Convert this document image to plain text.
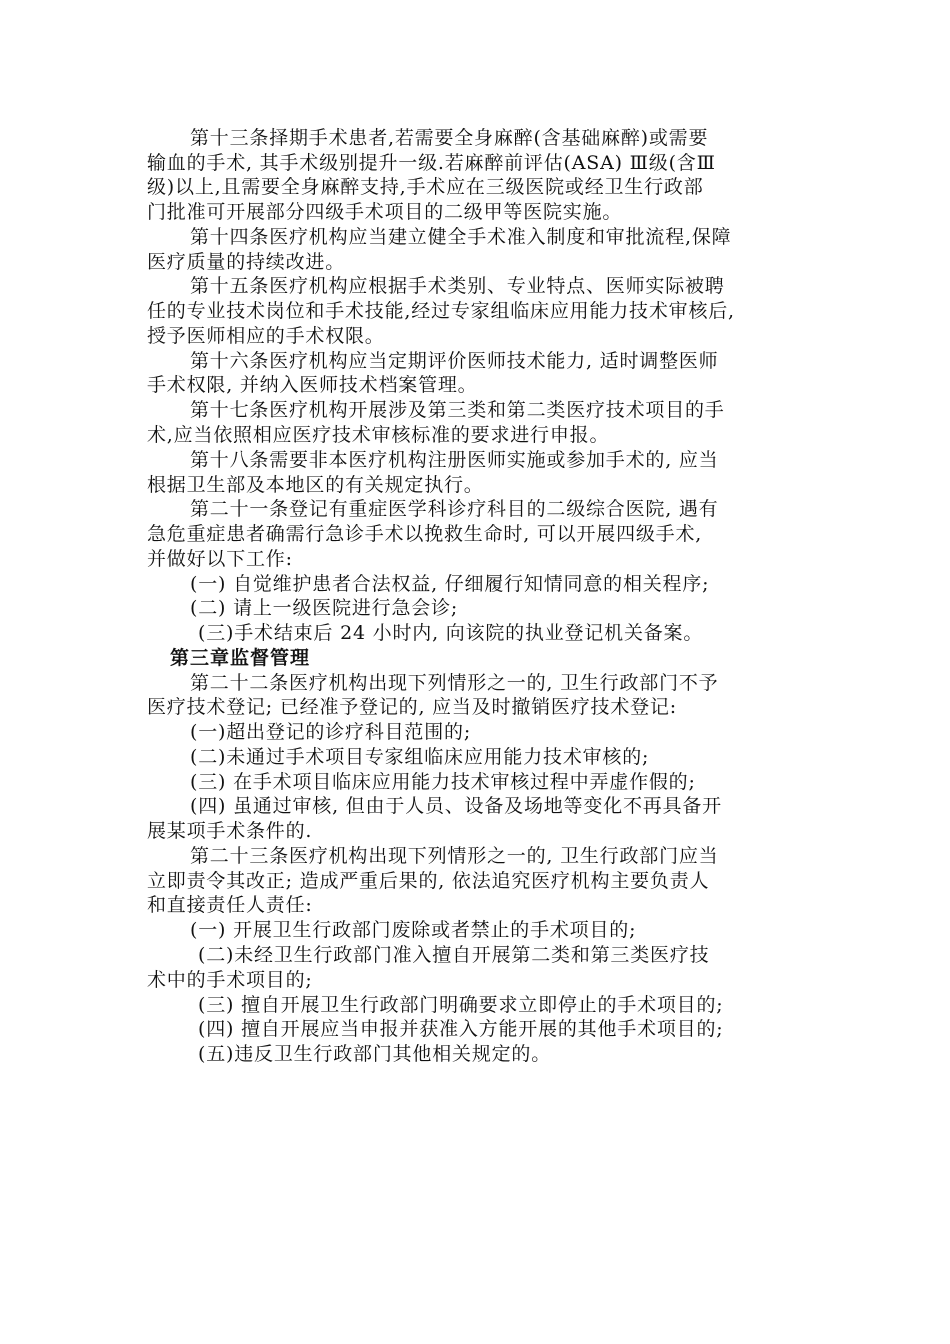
第十三条择期手术患者,若需要全身麻醉(含基础麻醉)或需要
输血的手术, 其手术级别提升一级.若麻醉前评估(ASA) Ⅲ级(含Ⅲ
级)以上,且需要全身麻醉支持,手术应在三级医院或经卫生行政部
门批准可开展部分四级手术项目的二级甲等医院实施。
第十四条医疗机构应当建立健全手术准入制度和审批流程,保障
医疗质量的持续改进。
第十五条医疗机构应根据手术类别、专业特点、医师实际被聘
任的专业技术岗位和手术技能,经过专家组临床应用能力技术审核后,
授予医师相应的手术权限。
第十六条医疗机构应当定期评价医师技术能力, 适时调整医师
手术权限, 并纳入医师技术档案管理。
第十七条医疗机构开展涉及第三类和第二类医疗技术项目的手
术,应当依照相应医疗技术审核标准的要求进行申报。
第十八条需要非本医疗机构注册医师实施或参加手术的, 应当
根据卫生部及本地区的有关规定执行。
第二十一条登记有重症医学科诊疗科目的二级综合医院, 遇有
急危重症患者确需行急诊手术以挽救生命时, 可以开展四级手术,
并做好以下工作:
(一) 自觉维护患者合法权益, 仔细履行知情同意的相关程序;
(二) 请上一级医院进行急会诊;
(三)手术结束后 24 小时内, 向该院的执业登记机关备案。
第三章监督管理
第二十二条医疗机构出现下列情形之一的, 卫生行政部门不予
医疗技术登记; 已经准予登记的, 应当及时撤销医疗技术登记:
(一)超出登记的诊疗科目范围的;
(二)未通过手术项目专家组临床应用能力技术审核的;
(三) 在手术项目临床应用能力技术审核过程中弄虚作假的;
(四) 虽通过审核, 但由于人员、设备及场地等变化不再具备开
展某项手术条件的.
第二十三条医疗机构出现下列情形之一的, 卫生行政部门应当
立即责令其改正; 造成严重后果的, 依法追究医疗机构主要负责人
和直接责任人责任:
(一) 开展卫生行政部门废除或者禁止的手术项目的;
(二)未经卫生行政部门准入擅自开展第二类和第三类医疗技
术中的手术项目的;
(三) 擅自开展卫生行政部门明确要求立即停止的手术项目的;
(四) 擅自开展应当申报并获准入方能开展的其他手术项目的;
(五)违反卫生行政部门其他相关规定的。
